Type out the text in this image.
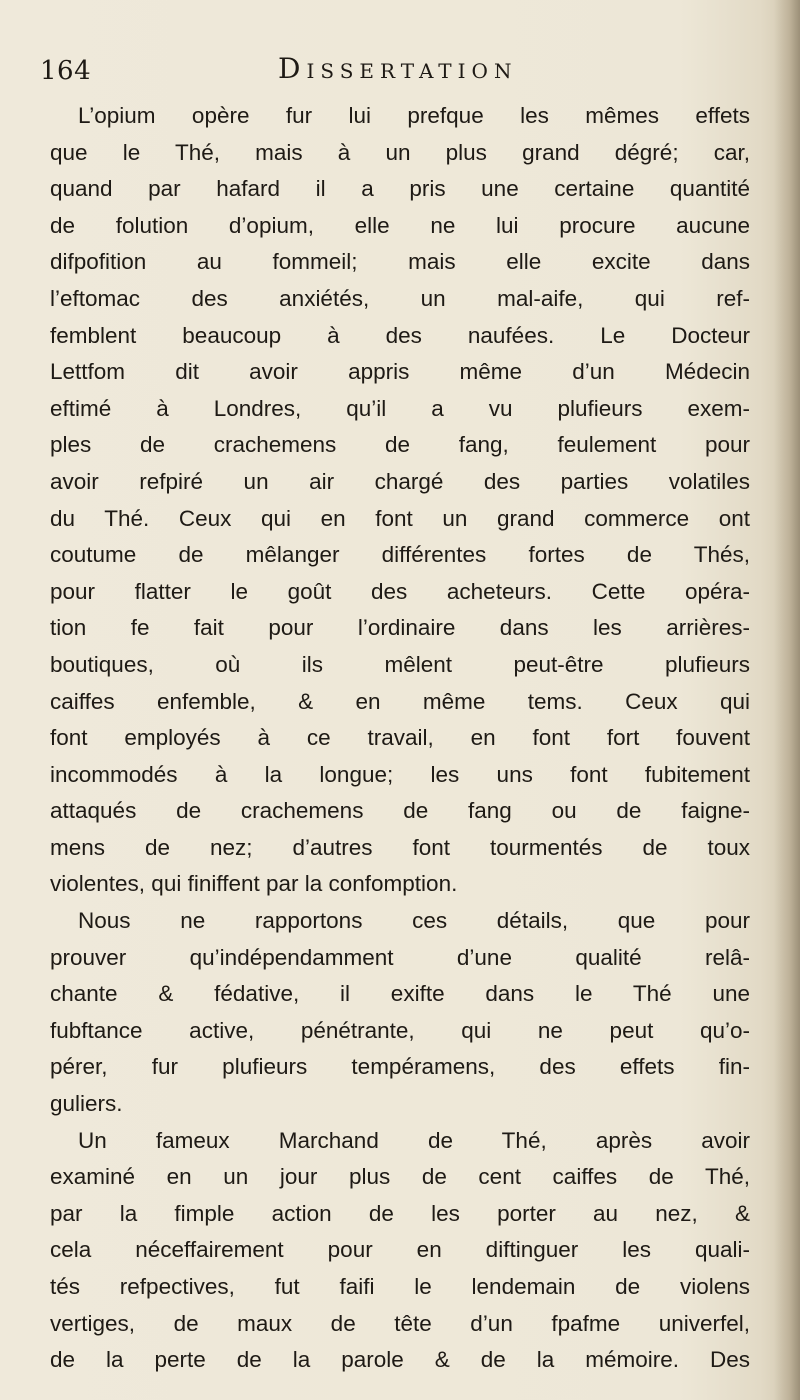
164	Dissertation
L’opium opère fur lui prefque les mêmes effets
que le Thé, mais à un plus grand dégré; car,
quand par hafard il a pris une certaine quantité
de folution d’opium, elle ne lui procure aucune
difpofition au fommeil; mais elle excite dans
l’eftomac des anxiétés, un mal-aife, qui ref-
femblent beaucoup à des naufées. Le Docteur
Lettfom dit avoir appris même d’un Médecin
eftimé à Londres, qu’il a vu plufieurs exem-
ples de crachemens de fang, feulement pour
avoir refpiré un air chargé des parties volatiles
du Thé. Ceux qui en font un grand commerce ont
coutume de mêlanger différentes fortes de Thés,
pour flatter le goût des acheteurs. Cette opéra-
tion fe fait pour l’ordinaire dans les arrières-
boutiques, où ils mêlent peut-être plufieurs
caiffes enfemble, & en même tems. Ceux qui
font employés à ce travail, en font fort fouvent
incommodés à la longue; les uns font fubitement
attaqués de crachemens de fang ou de faigne-
mens de nez; d’autres font tourmentés de toux
violentes, qui finiffent par la confomption.
Nous ne rapportons ces détails, que pour
prouver qu’indépendamment d’une qualité relâ-
chante & fédative, il exifte dans le Thé une
fubftance active, pénétrante, qui ne peut qu’o-
pérer, fur plufieurs tempéramens, des effets fin-
guliers.
Un fameux Marchand de Thé, après avoir
examiné en un jour plus de cent caiffes de Thé,
par la fimple action de les porter au nez, &
cela néceffairement pour en diftinguer les quali-
tés refpectives, fut faifi le lendemain de violens
vertiges, de maux de tête d’un fpafme univerfel,
de la perte de la parole & de la mémoire. Des
